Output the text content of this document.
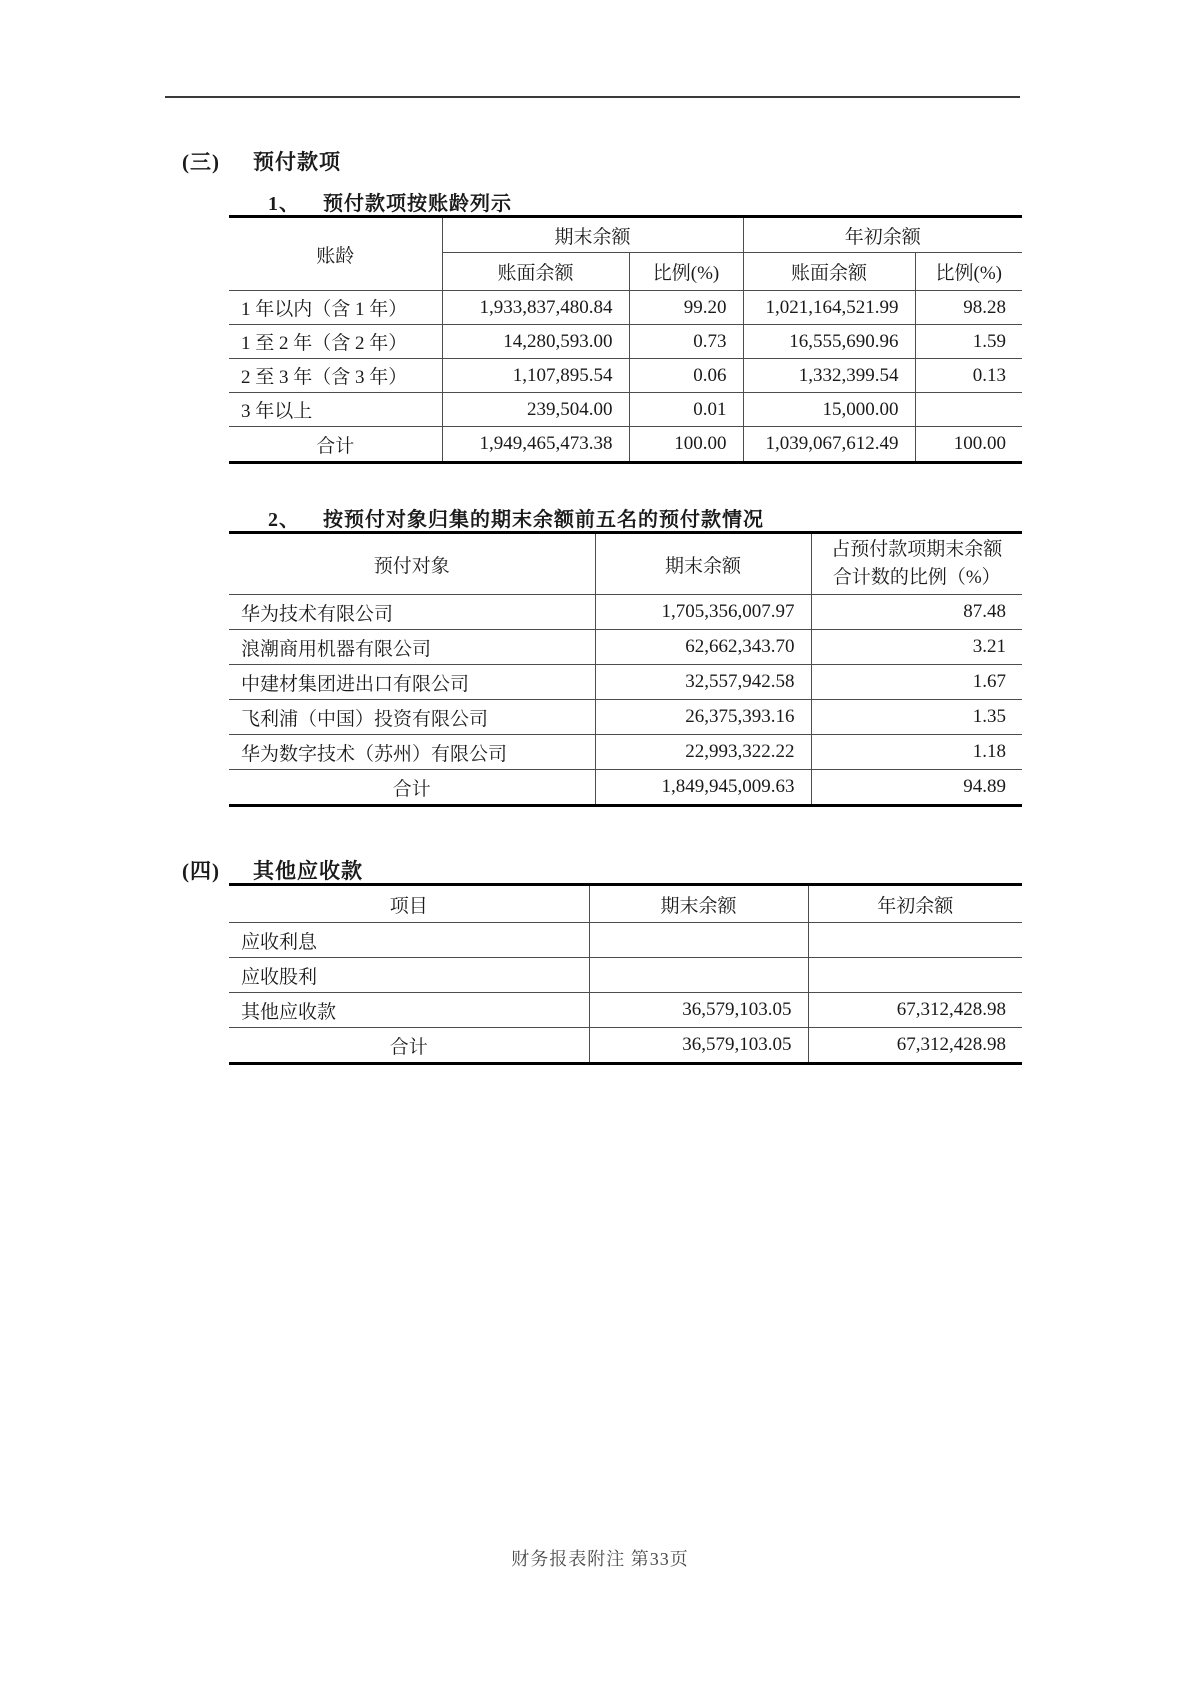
(三) 预付款项
1、 预付款项按账龄列示
账龄	期末余额		年初余额	
	账面余额	比例(%)	账面余额	比例(%)
1 年以内（含 1 年）	1,933,837,480.84	99.20	1,021,164,521.99	98.28
1 至 2 年（含 2 年）	14,280,593.00	0.73	16,555,690.96	1.59
2 至 3 年（含 3 年）	1,107,895.54	0.06	1,332,399.54	0.13
3 年以上	239,504.00	0.01	15,000.00	
合计	1,949,465,473.38	100.00	1,039,067,612.49	100.00
2、 按预付对象归集的期末余额前五名的预付款情况
预付对象	期末余额	占预付款项期末余额
合计数的比例（%）

华为技术有限公司	1,705,356,007.97	87.48
浪潮商用机器有限公司	62,662,343.70	3.21
中建材集团进出口有限公司	32,557,942.58	1.67
飞利浦（中国）投资有限公司	26,375,393.16	1.35
华为数字技术（苏州）有限公司	22,993,322.22	1.18
合计	1,849,945,009.63	94.89
(四) 其他应收款
项目	期末余额	年初余额
应收利息		
应收股利		
其他应收款	36,579,103.05	67,312,428.98
合计	36,579,103.05	67,312,428.98
财务报表附注 第33页
